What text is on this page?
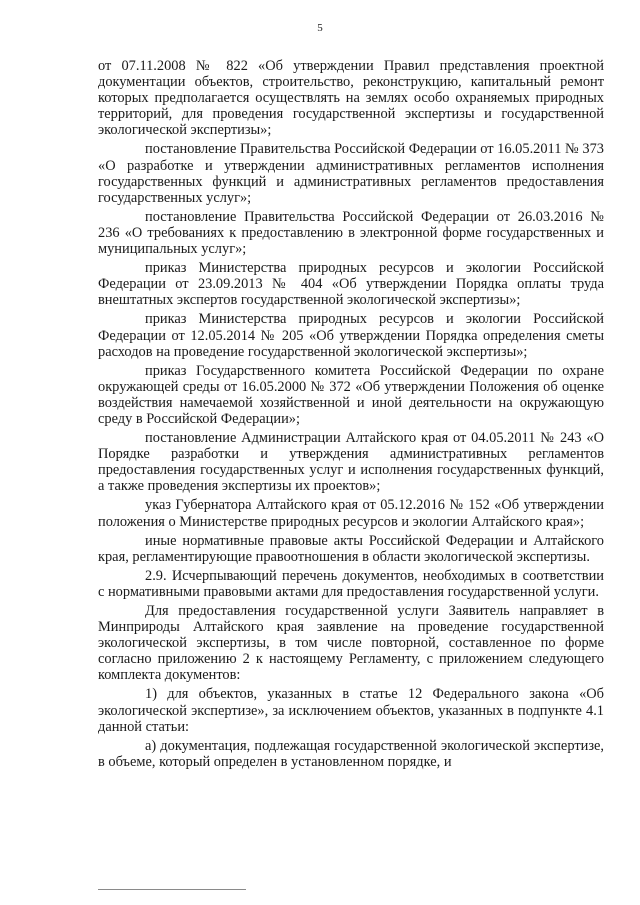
5

от 07.11.2008 № 822 «Об утверждении Правил представления проектной документации объектов, строительство, реконструкцию, капитальный ремонт которых предполагается осуществлять на землях особо охраняемых природных территорий, для проведения государственной экспертизы и государственной экологической экспертизы»;

постановление Правительства Российской Федерации от 16.05.2011 № 373 «О разработке и утверждении административных регламентов исполнения государственных функций и административных регламентов предоставления государственных услуг»;

постановление Правительства Российской Федерации от 26.03.2016 № 236 «О требованиях к предоставлению в электронной форме государственных и муниципальных услуг»;

приказ Министерства природных ресурсов и экологии Российской Федерации от 23.09.2013 № 404 «Об утверждении Порядка оплаты труда внештатных экспертов государственной экологической экспертизы»;

приказ Министерства природных ресурсов и экологии Российской Федерации от 12.05.2014 № 205 «Об утверждении Порядка определения сметы расходов на проведение государственной экологической экспертизы»;

приказ Государственного комитета Российской Федерации по охране окружающей среды от 16.05.2000 № 372 «Об утверждении Положения об оценке воздействия намечаемой хозяйственной и иной деятельности на окружающую среду в Российской Федерации»;

постановление Администрации Алтайского края от 04.05.2011 № 243 «О Порядке разработки и утверждения административных регламентов предоставления государственных услуг и исполнения государственных функций, а также проведения экспертизы их проектов»;

указ Губернатора Алтайского края от 05.12.2016 № 152 «Об утверждении положения о Министерстве природных ресурсов и экологии Алтайского края»;

иные нормативные правовые акты Российской Федерации и Алтайского края, регламентирующие правоотношения в области экологической экспертизы.

2.9. Исчерпывающий перечень документов, необходимых в соответствии с нормативными правовыми актами для предоставления государственной услуги.

Для предоставления государственной услуги Заявитель направляет в Минприроды Алтайского края заявление на проведение государственной экологической экспертизы, в том числе повторной, составленное по форме согласно приложению 2 к настоящему Регламенту, с приложением следующего комплекта документов:

1) для объектов, указанных в статье 12 Федерального закона «Об экологической экспертизе», за исключением объектов, указанных в подпункте 4.1 данной статьи:

а) документация, подлежащая государственной экологической экспертизе, в объеме, который определен в установленном порядке, и
